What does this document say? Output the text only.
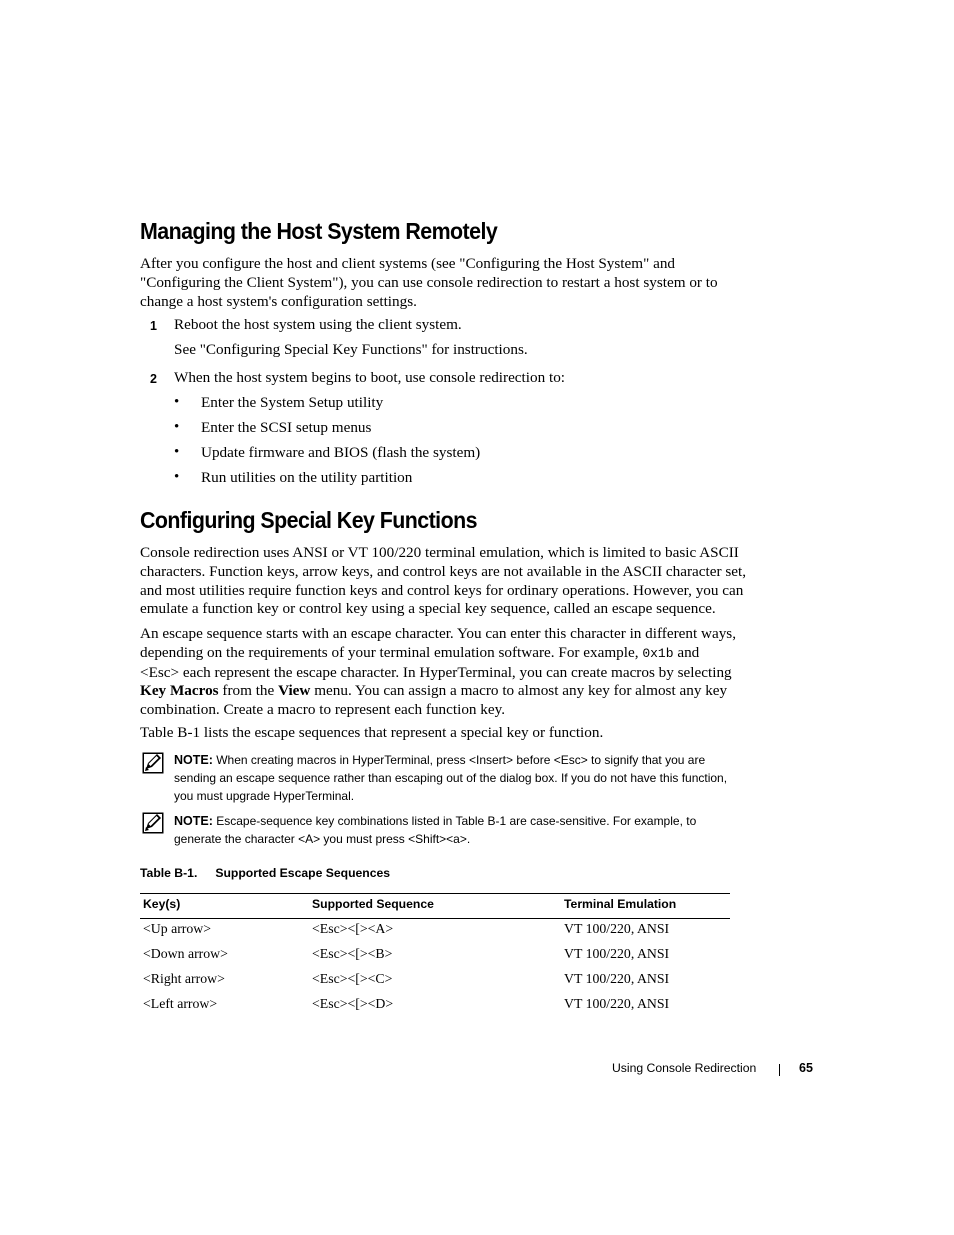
Managing the Host System Remotely
After you configure the host and client systems (see "Configuring the Host System" and
"Configuring the Client System"), you can use console redirection to restart a host system or to
change a host system's configuration settings.
1 Reboot the host system using the client system.
See "Configuring Special Key Functions" for instructions.
2 When the host system begins to boot, use console redirection to:
• Enter the System Setup utility
• Enter the SCSI setup menus
• Update firmware and BIOS (flash the system)
• Run utilities on the utility partition
Configuring Special Key Functions
Console redirection uses ANSI or VT 100/220 terminal emulation, which is limited to basic ASCII
characters. Function keys, arrow keys, and control keys are not available in the ASCII character set,
and most utilities require function keys and control keys for ordinary operations. However, you can
emulate a function key or control key using a special key sequence, called an escape sequence.
An escape sequence starts with an escape character. You can enter this character in different ways,
depending on the requirements of your terminal emulation software. For example, 0x1b and
<Esc> each represent the escape character. In HyperTerminal, you can create macros by selecting
Key Macros from the View menu. You can assign a macro to almost any key for almost any key
combination. Create a macro to represent each function key.
Table B-1 lists the escape sequences that represent a special key or function.
NOTE: When creating macros in HyperTerminal, press <Insert> before <Esc> to signify that you are
sending an escape sequence rather than escaping out of the dialog box. If you do not have this function,
you must upgrade HyperTerminal.
NOTE: Escape-sequence key combinations listed in Table B-1 are case-sensitive. For example, to
generate the character <A> you must press <Shift><a>.
Table B-1. Supported Escape Sequences
Key(s)	Supported Sequence	Terminal Emulation
<Up arrow>	<Esc><[><A>	VT 100/220, ANSI
<Down arrow>	<Esc><[><B>	VT 100/220, ANSI
<Right arrow>	<Esc><[><C>	VT 100/220, ANSI
<Left arrow>	<Esc><[><D>	VT 100/220, ANSI
Using Console Redirection	65
